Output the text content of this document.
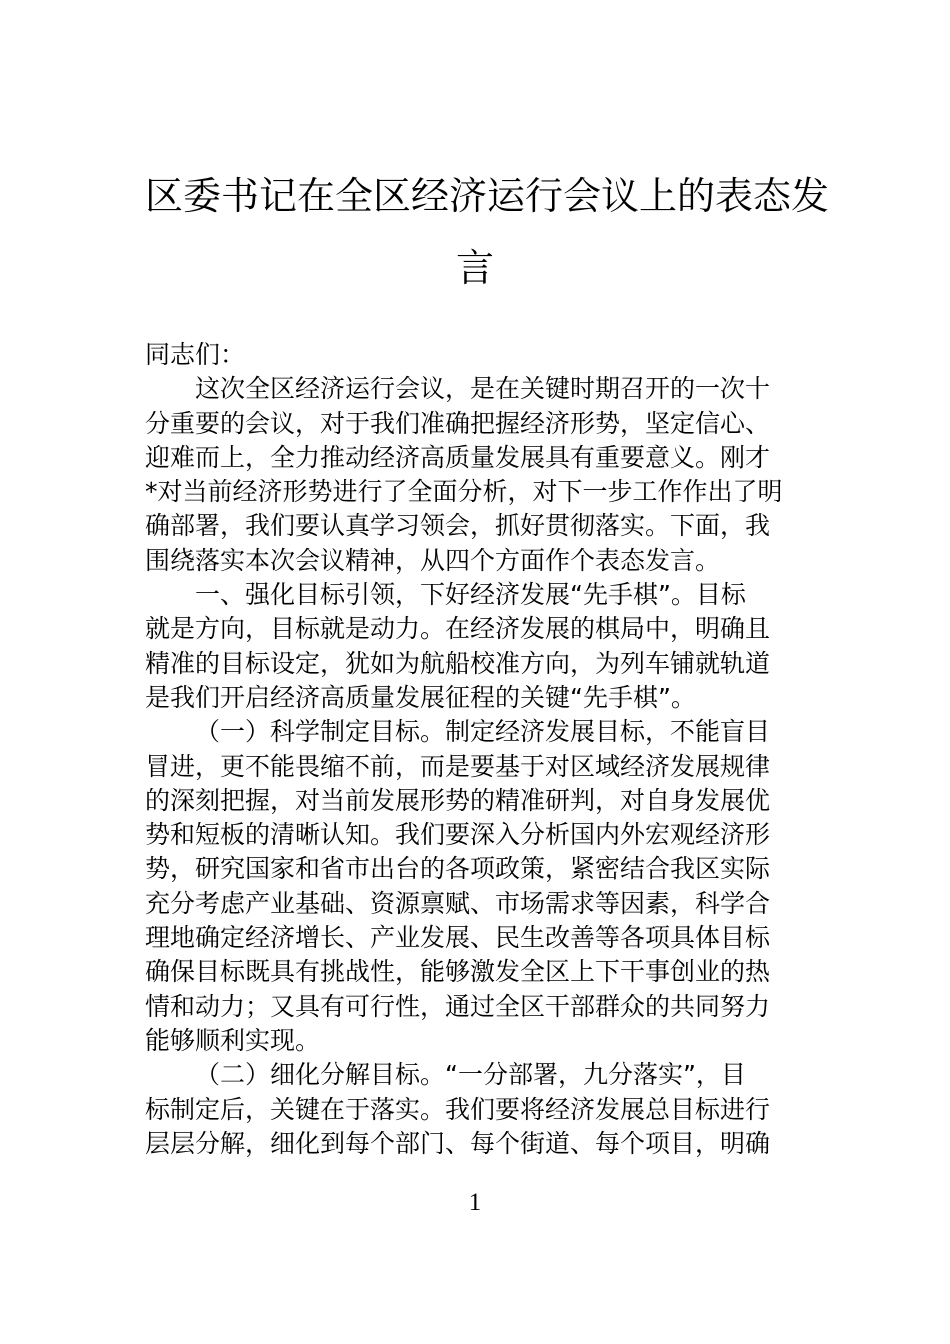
区委书记在全区经济运行会议上的表态发
言
同志们：
这次全区经济运行会议，是在关键时期召开的一次十
分重要的会议，对于我们准确把握经济形势，坚定信心、
迎难而上，全力推动经济高质量发展具有重要意义。刚才
*对当前经济形势进行了全面分析，对下一步工作作出了明
确部署，我们要认真学习领会，抓好贯彻落实。下面，我
围绕落实本次会议精神，从四个方面作个表态发言。
一、强化目标引领，下好经济发展“先手棋”。目标
就是方向，目标就是动力。在经济发展的棋局中，明确且
精准的目标设定，犹如为航船校准方向，为列车铺就轨道
是我们开启经济高质量发展征程的关键“先手棋”。
（一）科学制定目标。制定经济发展目标，不能盲目
冒进，更不能畏缩不前，而是要基于对区域经济发展规律
的深刻把握，对当前发展形势的精准研判，对自身发展优
势和短板的清晰认知。我们要深入分析国内外宏观经济形
势，研究国家和省市出台的各项政策，紧密结合我区实际
充分考虑产业基础、资源禀赋、市场需求等因素，科学合
理地确定经济增长、产业发展、民生改善等各项具体目标
确保目标既具有挑战性，能够激发全区上下干事创业的热
情和动力；又具有可行性，通过全区干部群众的共同努力
能够顺利实现。
（二）细化分解目标。“一分部署，九分落实”，目
标制定后，关键在于落实。我们要将经济发展总目标进行
层层分解，细化到每个部门、每个街道、每个项目，明确
1
